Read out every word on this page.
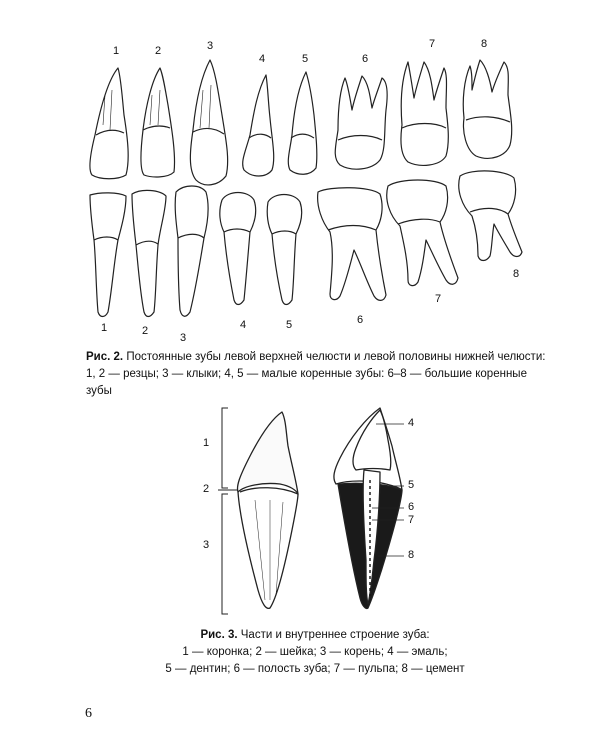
1	2	3
4	5	6
7	8
1	2
3
4	5	6
7
8
Рис. 2. Постоянные зубы левой верхней челюсти и левой половины нижней челюсти:
1, 2 — резцы; 3 — клыки; 4, 5 — малые коренные зубы: 6–8 — большие коренные зубы
1
2
3
4
5
6
7
8
Рис. 3. Части и внутреннее строение зуба:
1 — коронка; 2 — шейка; 3 — корень; 4 — эмаль;
5 — дентин; 6 — полость зуба; 7 — пульпа; 8 — цемент
6
